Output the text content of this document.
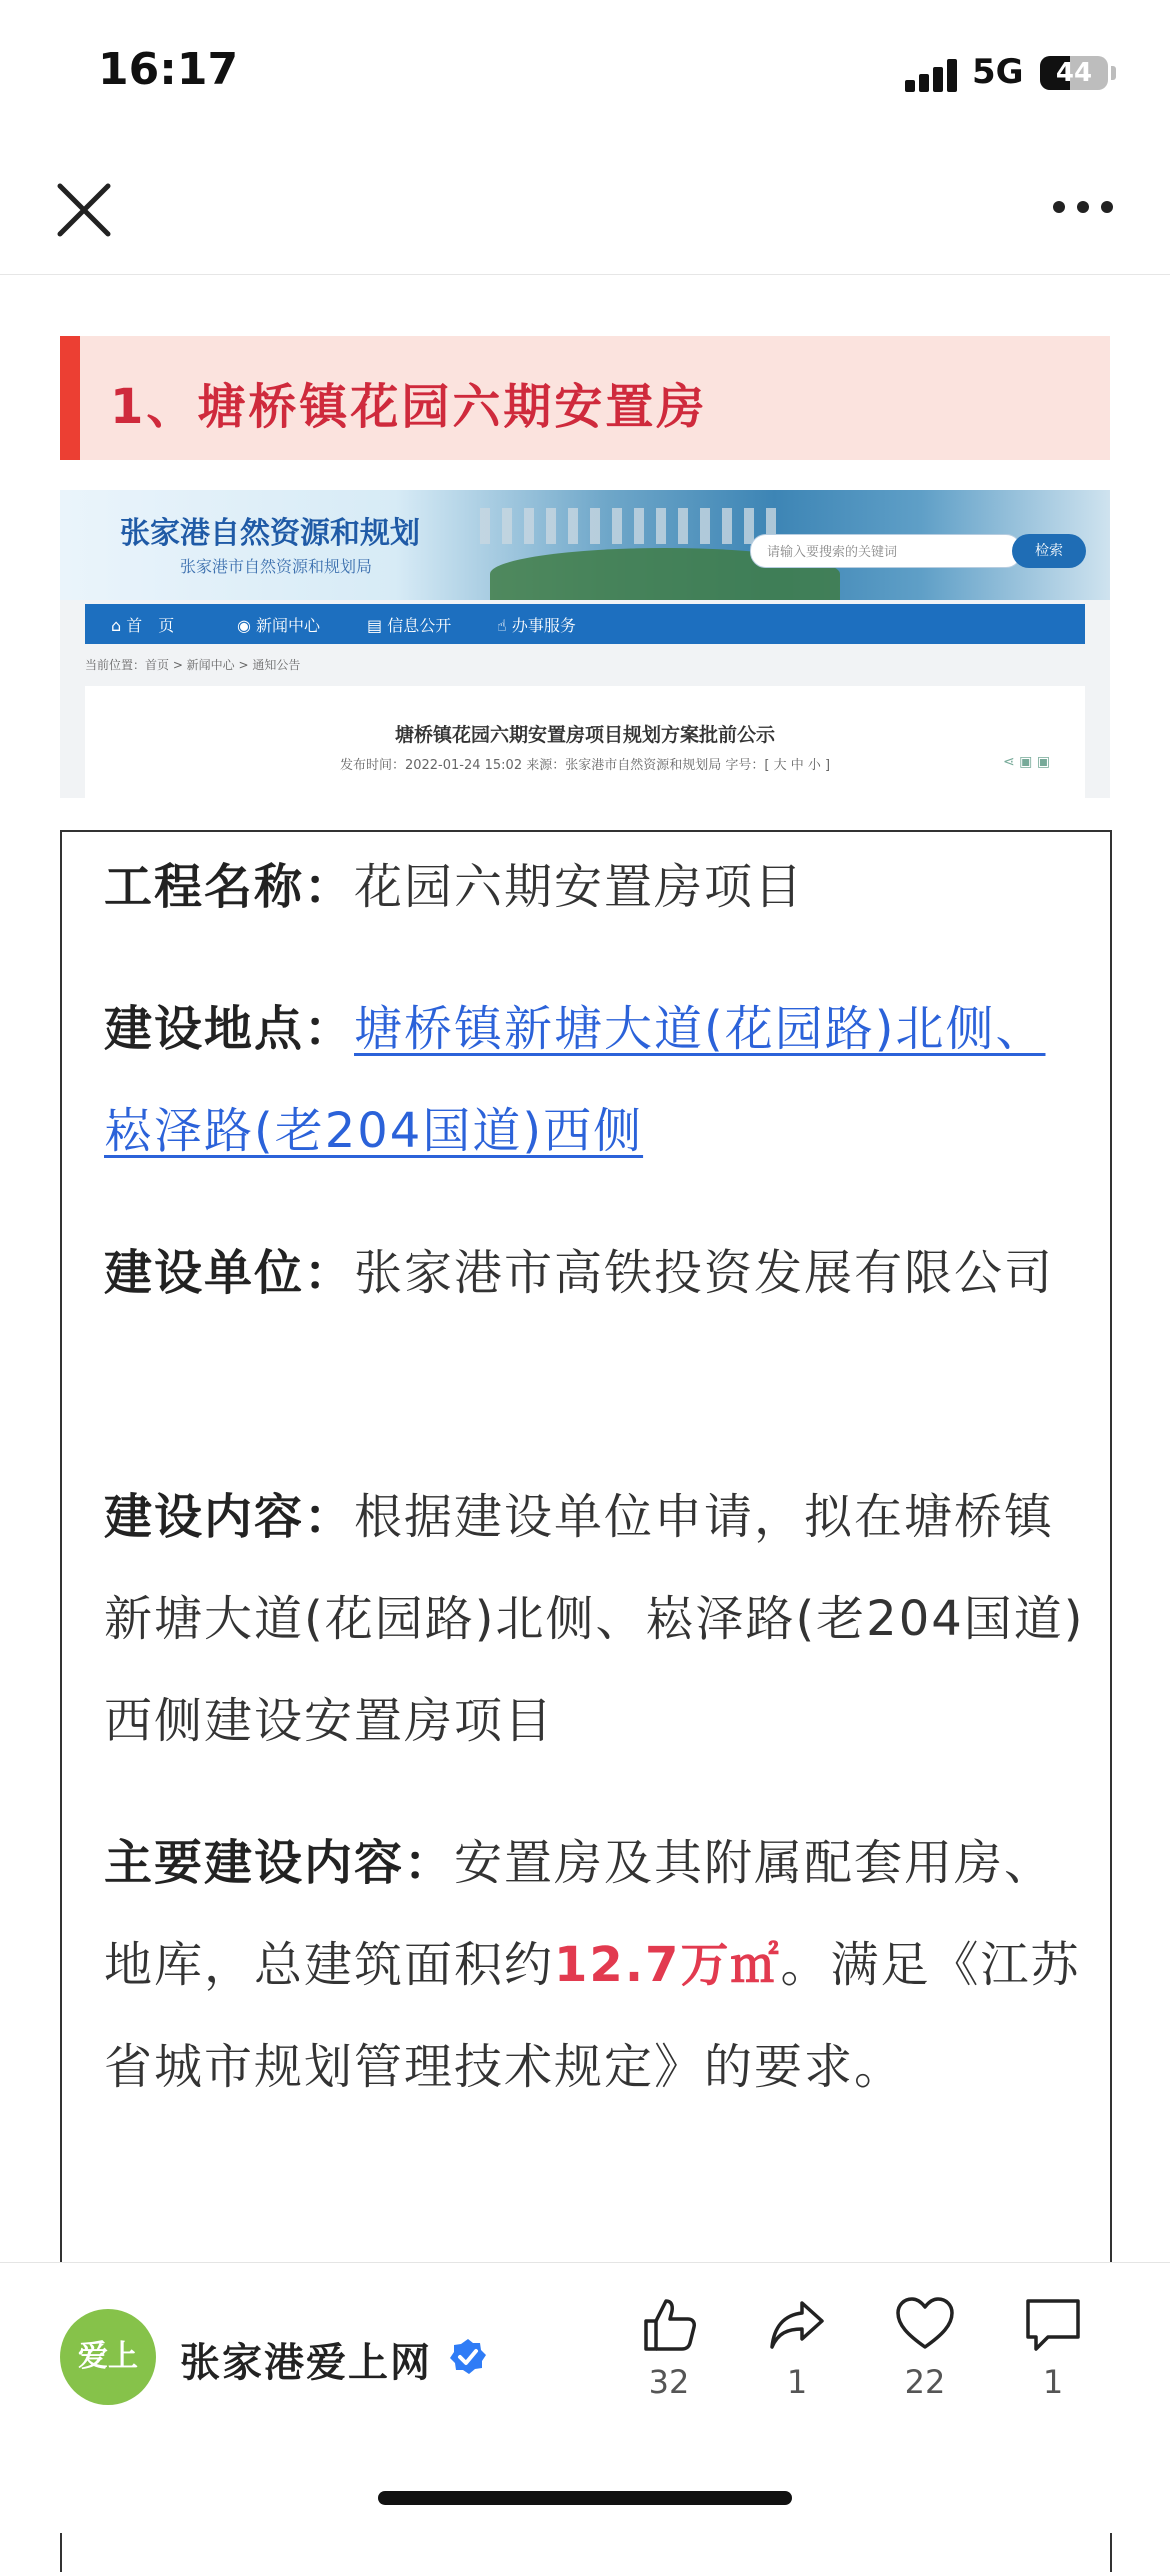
16:17	5G	44
1、塘桥镇花园六期安置房
张家港自然资源和规划
张家港市自然资源和规划局
请输入要搜索的关键词	检索
⌂ 首　页	◉ 新闻中心	▤ 信息公开	☝ 办事服务
当前位置：首页 > 新闻中心 > 通知公告
塘桥镇花园六期安置房项目规划方案批前公示
发布时间：2022-01-24 15:02 来源：张家港市自然资源和规划局 字号：[ 大 中 小 ]	⋖ ▣ ▣
工程名称：花园六期安置房项目
建设地点：塘桥镇新塘大道(花园路)北侧、崧泽路(老204国道)西侧
建设单位：张家港市高铁投资发展有限公司
建设内容：根据建设单位申请，拟在塘桥镇新塘大道(花园路)北侧、崧泽路(老204国道)西侧建设安置房项目
主要建设内容：安置房及其附属配套用房、地库，总建筑面积约12.7万㎡。满足《江苏省城市规划管理技术规定》的要求。
爱上	张家港爱上网	32	1	22	1
